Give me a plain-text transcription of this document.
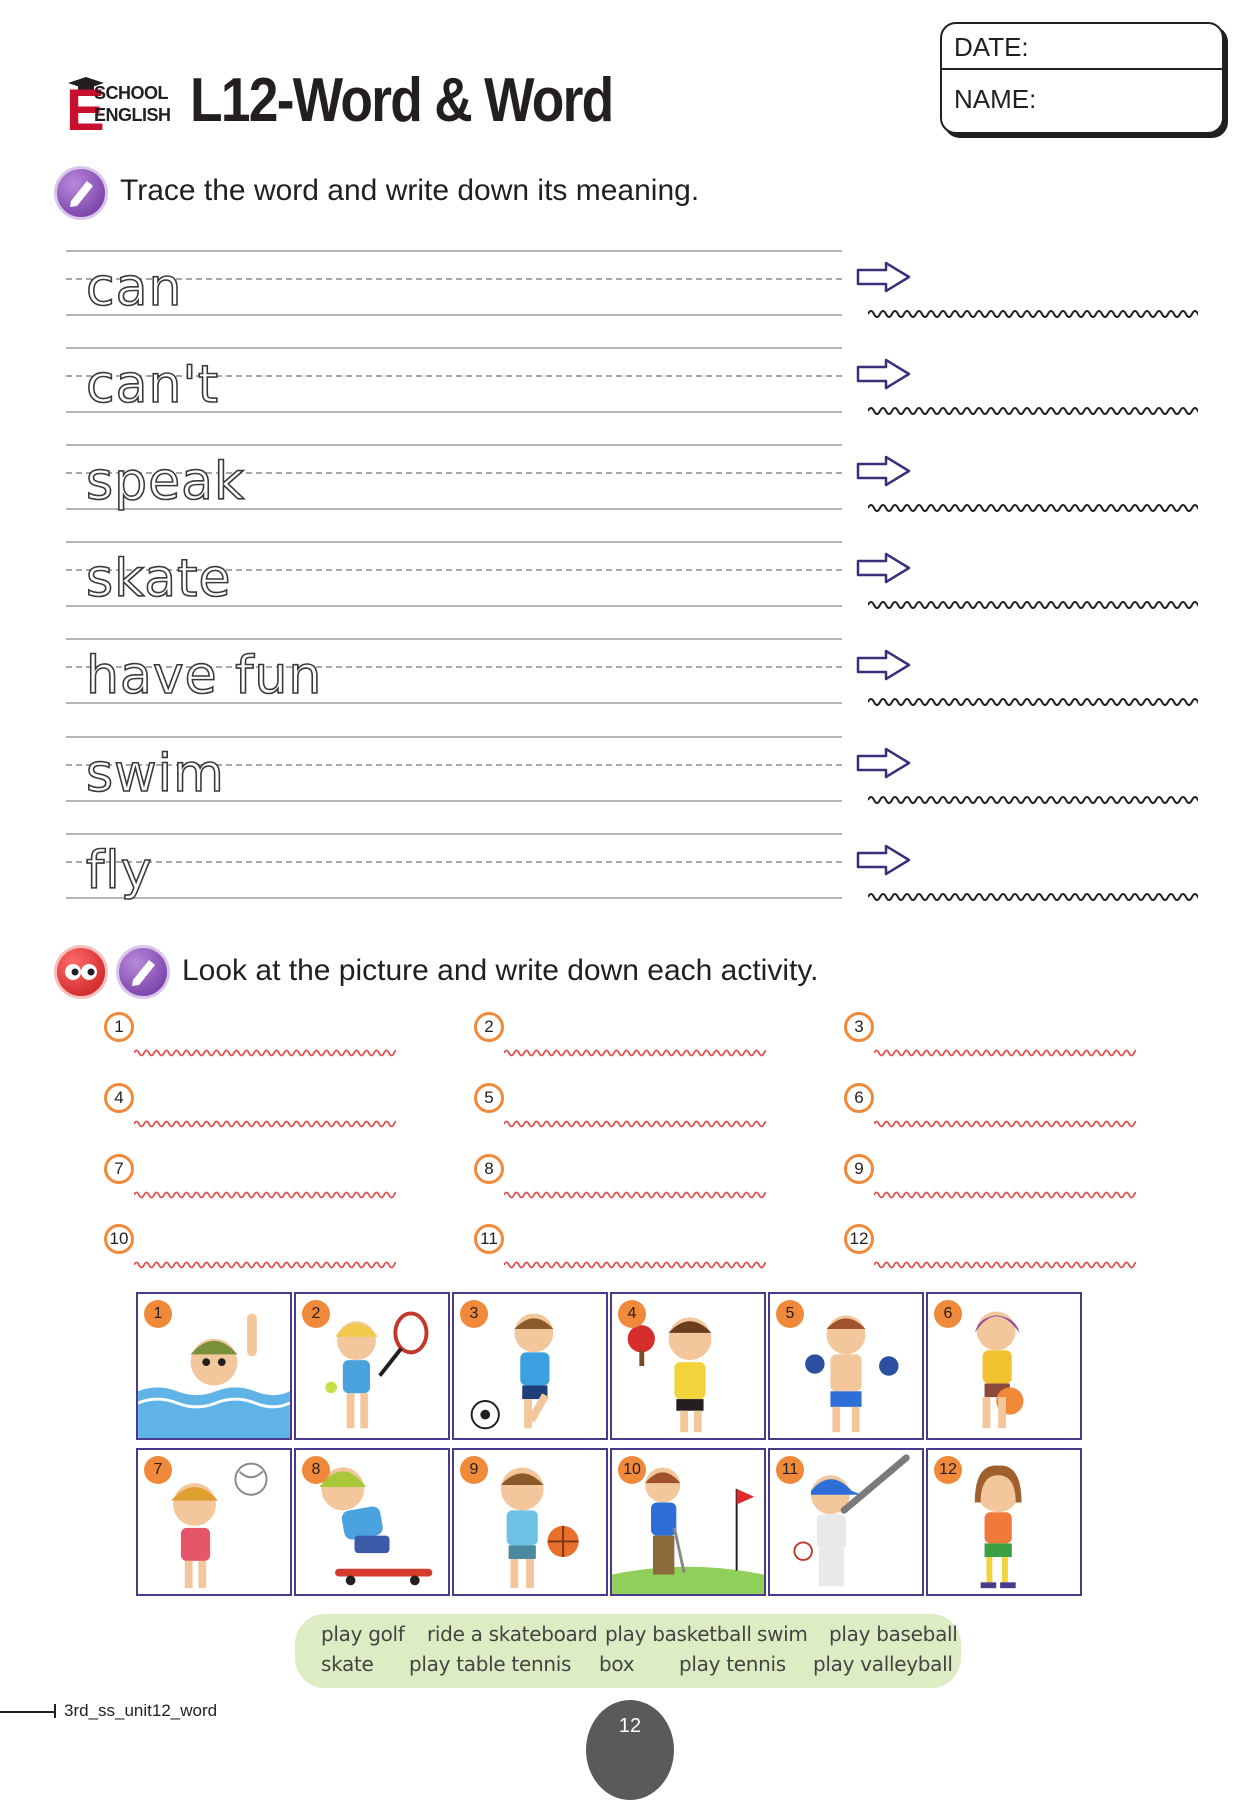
E
SCHOOL
ENGLISH L12-Word & Word
DATE:
NAME:
Trace the word and write down its meaning.
can
can't
speak
skate
have fun
swim
fly
Look at the picture and write down each activity.
1	2	3
4	5	6
7	8	9
10	11	12
1	2	3	4	5	6
7	8	9	10	11	12
play golf ride a skateboard play basketball swim play baseball
skate play table tennis box play tennis play valleyball
3rd_ss_unit12_word
12
